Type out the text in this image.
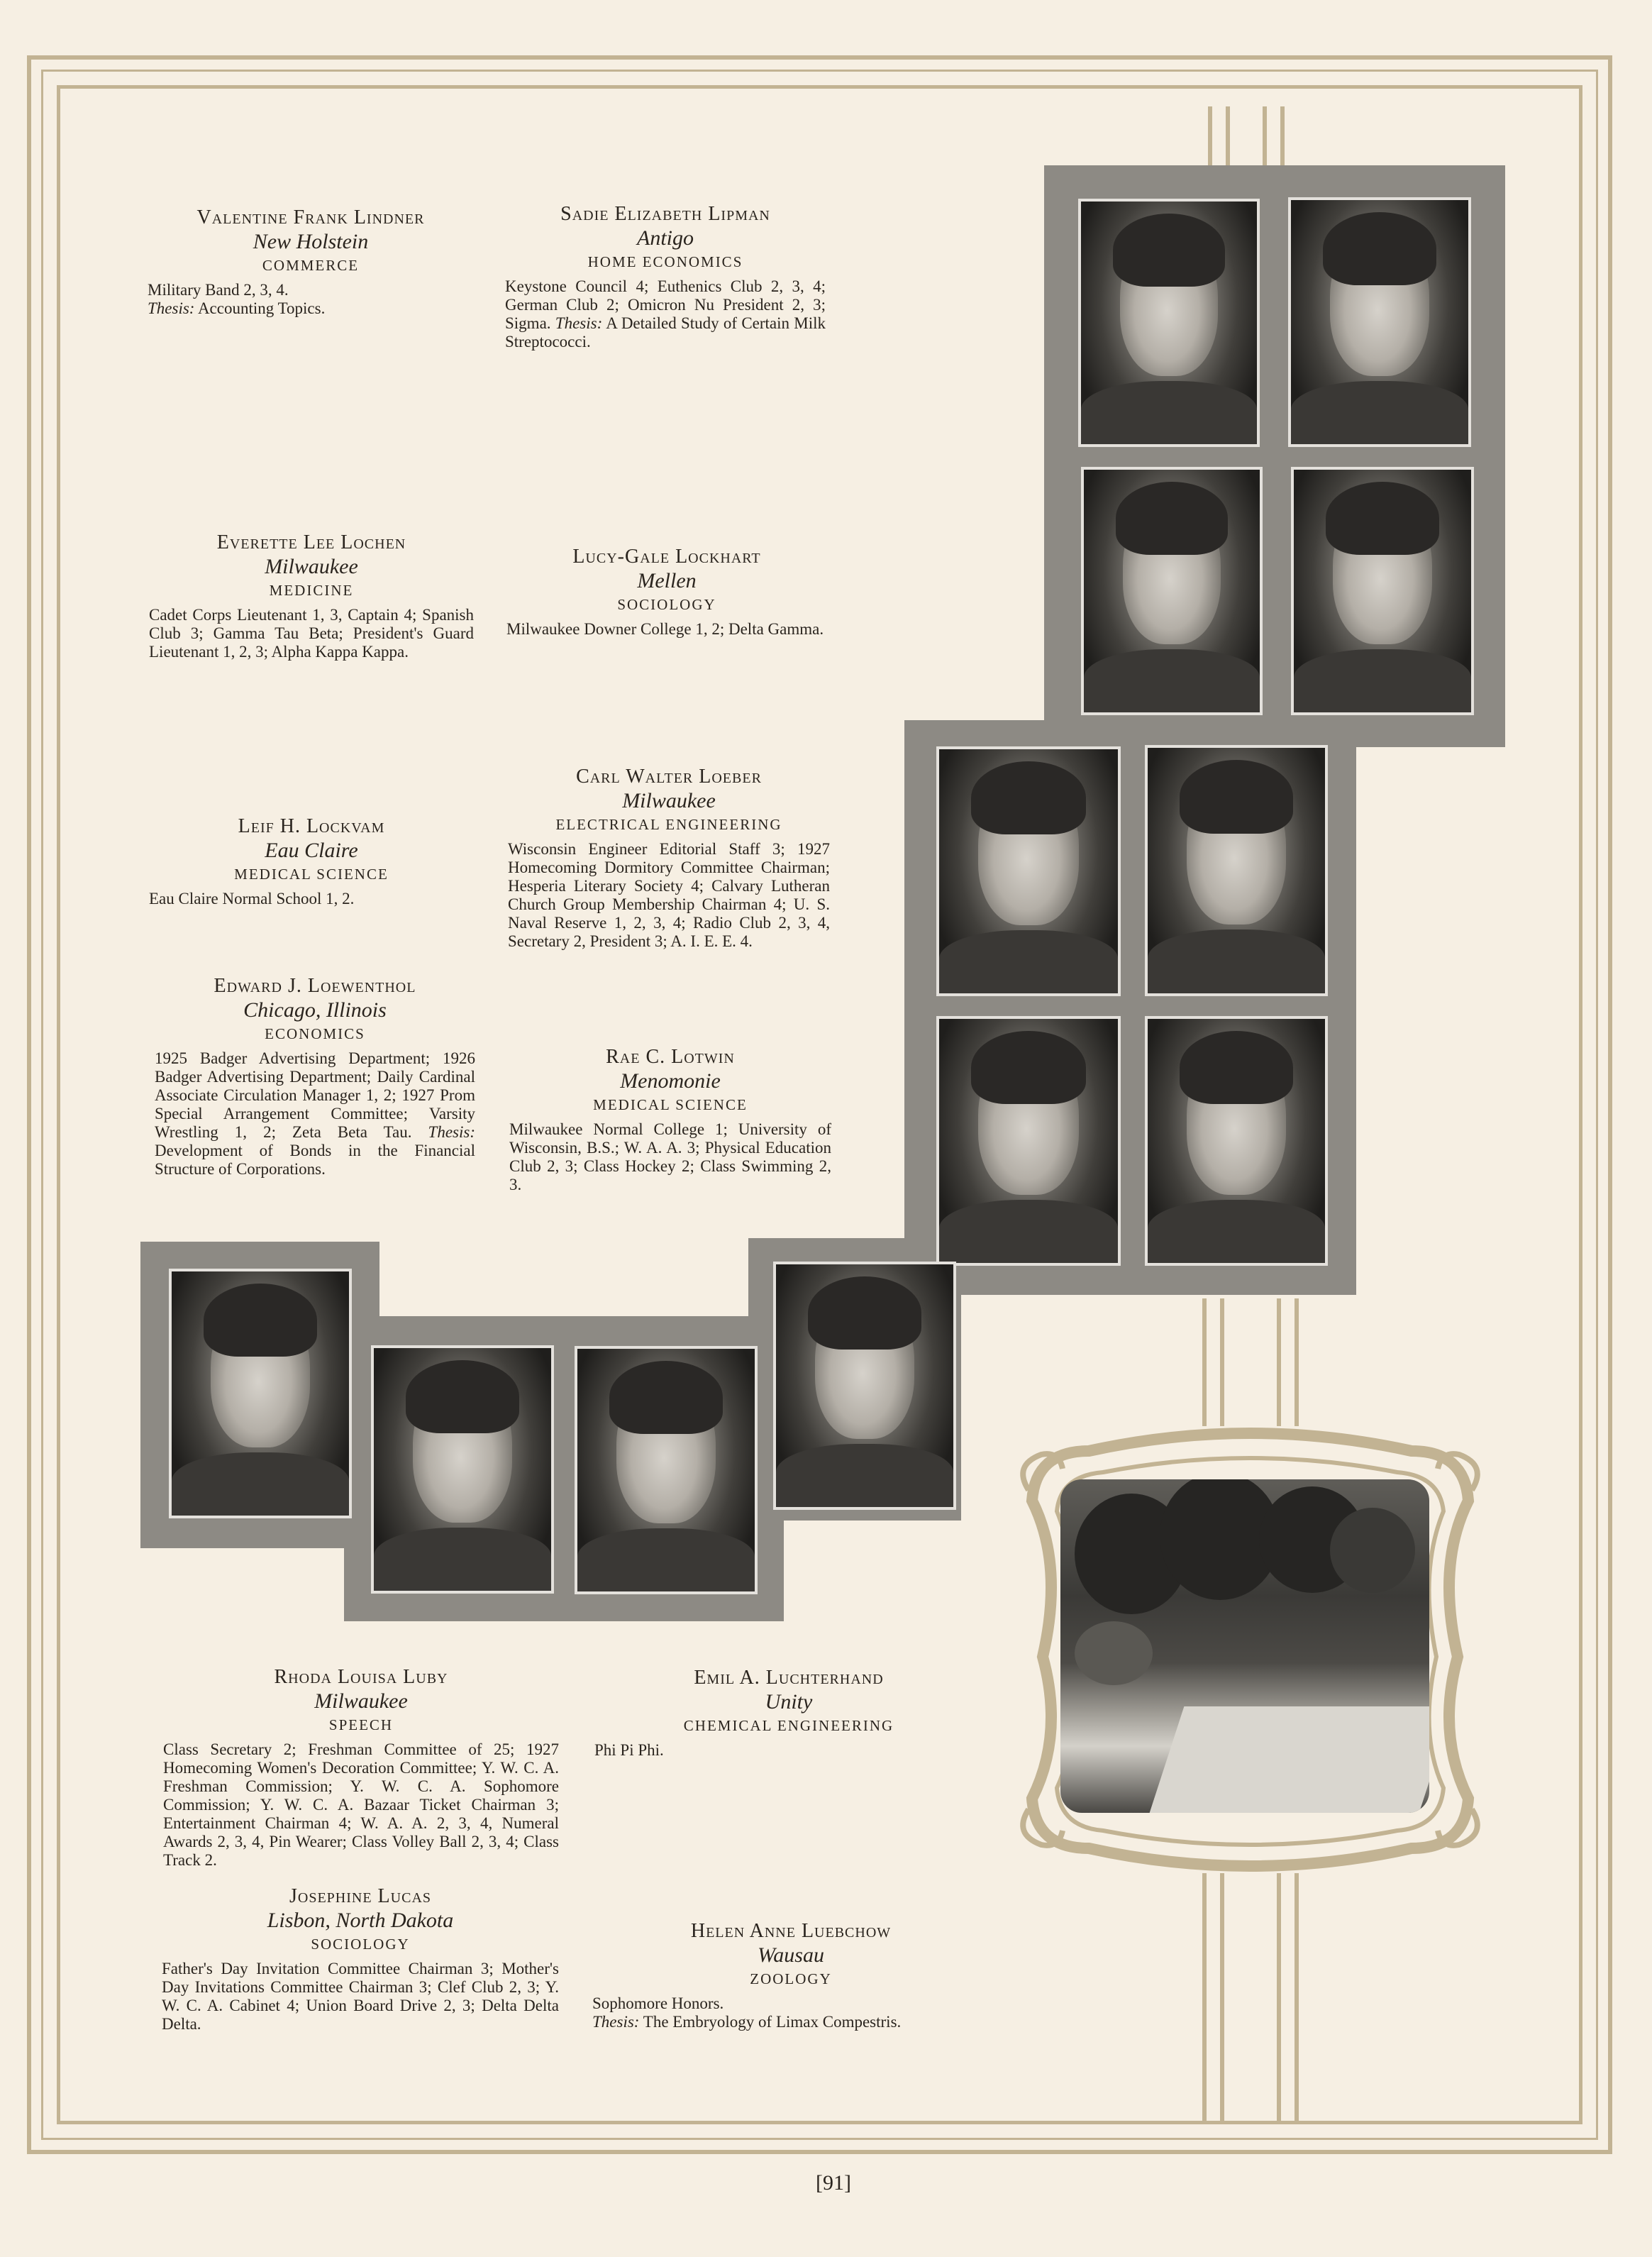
Valentine Frank Lindner
New Holstein
COMMERCE
Military Band 2, 3, 4.
Thesis: Accounting Topics.
Sadie Elizabeth Lipman
Antigo
HOME ECONOMICS
Keystone Council 4; Euthenics Club 2, 3, 4; German Club 2; Omicron Nu President 2, 3; Sigma. Thesis: A Detailed Study of Certain Milk Streptococci.
Everette Lee Lochen
Milwaukee
MEDICINE
Cadet Corps Lieutenant 1, 3, Captain 4; Spanish Club 3; Gamma Tau Beta; President's Guard Lieutenant 1, 2, 3; Alpha Kappa Kappa.
Lucy-Gale Lockhart
Mellen
SOCIOLOGY
Milwaukee Downer College 1, 2; Delta Gamma.
Carl Walter Loeber
Milwaukee
ELECTRICAL ENGINEERING
Wisconsin Engineer Editorial Staff 3; 1927 Homecoming Dormitory Committee Chairman; Hesperia Literary Society 4; Calvary Lutheran Church Group Membership Chairman 4; U. S. Naval Reserve 1, 2, 3, 4; Radio Club 2, 3, 4, Secretary 2, President 3; A. I. E. E. 4.
Leif H. Lockvam
Eau Claire
MEDICAL SCIENCE
Eau Claire Normal School 1, 2.
Edward J. Loewenthol
Chicago, Illinois
ECONOMICS
1925 Badger Advertising Department; 1926 Badger Advertising Department; Daily Cardinal Associate Circulation Manager 1, 2; 1927 Prom Special Arrangement Committee; Varsity Wrestling 1, 2; Zeta Beta Tau. Thesis: Development of Bonds in the Financial Structure of Corporations.
Rae C. Lotwin
Menomonie
MEDICAL SCIENCE
Milwaukee Normal College 1; University of Wisconsin, B.S.; W. A. A. 3; Physical Education Club 2, 3; Class Hockey 2; Class Swimming 2, 3.
Rhoda Louisa Luby
Milwaukee
SPEECH
Class Secretary 2; Freshman Committee of 25; 1927 Homecoming Women's Decoration Committee; Y. W. C. A. Freshman Commission; Y. W. C. A. Sophomore Commission; Y. W. C. A. Bazaar Ticket Chairman 3; Entertainment Chairman 4; W. A. A. 2, 3, 4, Numeral Awards 2, 3, 4, Pin Wearer; Class Volley Ball 2, 3, 4; Class Track 2.
Emil A. Luchterhand
Unity
CHEMICAL ENGINEERING
Phi Pi Phi.
Josephine Lucas
Lisbon, North Dakota
SOCIOLOGY
Father's Day Invitation Committee Chairman 3; Mother's Day Invitations Committee Chairman 3; Clef Club 2, 3; Y. W. C. A. Cabinet 4; Union Board Drive 2, 3; Delta Delta Delta.
Helen Anne Luebchow
Wausau
ZOOLOGY
Sophomore Honors.
Thesis: The Embryology of Limax Compestris.
[91]
